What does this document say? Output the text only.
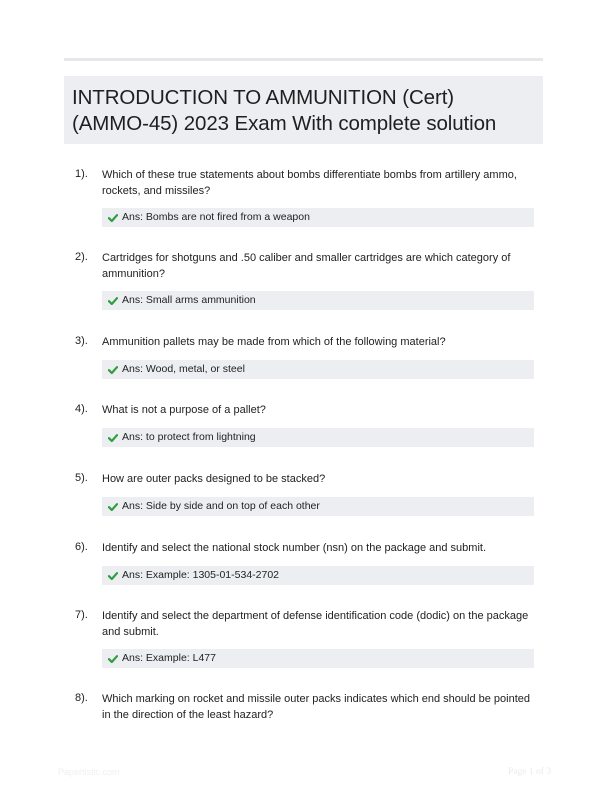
INTRODUCTION TO AMMUNITION (Cert)
(AMMO-45) 2023 Exam With complete solution
1). Which of these true statements about bombs differentiate bombs from artillery ammo, rockets, and missiles?
Ans: Bombs are not fired from a weapon
2). Cartridges for shotguns and .50 caliber and smaller cartridges are which category of ammunition?
Ans: Small arms ammunition
3). Ammunition pallets may be made from which of the following material?
Ans: Wood, metal, or steel
4). What is not a purpose of a pallet?
Ans: to protect from lightning
5). How are outer packs designed to be stacked?
Ans: Side by side and on top of each other
6). Identify and select the national stock number (nsn) on the package and submit.
Ans: Example: 1305-01-534-2702
7). Identify and select the department of defense identification code (dodic) on the package and submit.
Ans: Example: L477
8). Which marking on rocket and missile outer packs indicates which end should be pointed in the direction of the least hazard?
Papertistic.com	Page 1 of 3
